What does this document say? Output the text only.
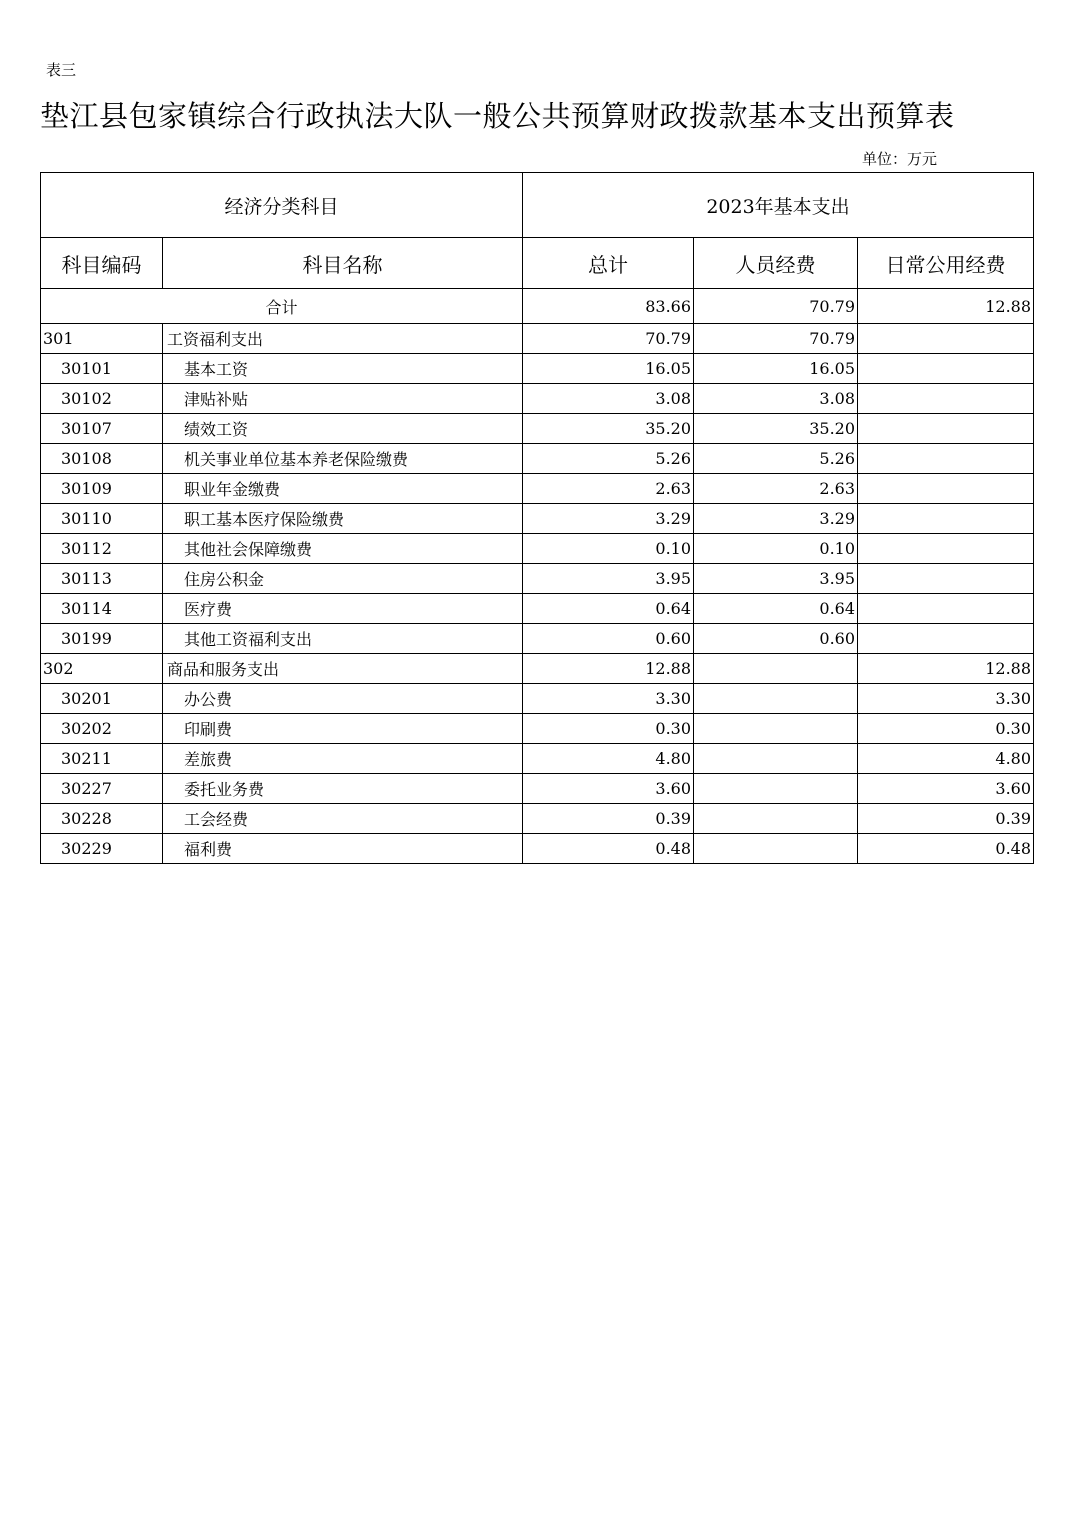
表三
垫江县包家镇综合行政执法大队一般公共预算财政拨款基本支出预算表
单位：万元
经济分类科目		2023年基本支出		
科目编码	科目名称	总计	人员经费	日常公用经费
合计		83.66	70.79	12.88
301	工资福利支出	70.79	70.79	
30101	基本工资	16.05	16.05	
30102	津贴补贴	3.08	3.08	
30107	绩效工资	35.20	35.20	
30108	机关事业单位基本养老保险缴费	5.26	5.26	
30109	职业年金缴费	2.63	2.63	
30110	职工基本医疗保险缴费	3.29	3.29	
30112	其他社会保障缴费	0.10	0.10	
30113	住房公积金	3.95	3.95	
30114	医疗费	0.64	0.64	
30199	其他工资福利支出	0.60	0.60	
302	商品和服务支出	12.88		12.88
30201	办公费	3.30		3.30
30202	印刷费	0.30		0.30
30211	差旅费	4.80		4.80
30227	委托业务费	3.60		3.60
30228	工会经费	0.39		0.39
30229	福利费	0.48		0.48
